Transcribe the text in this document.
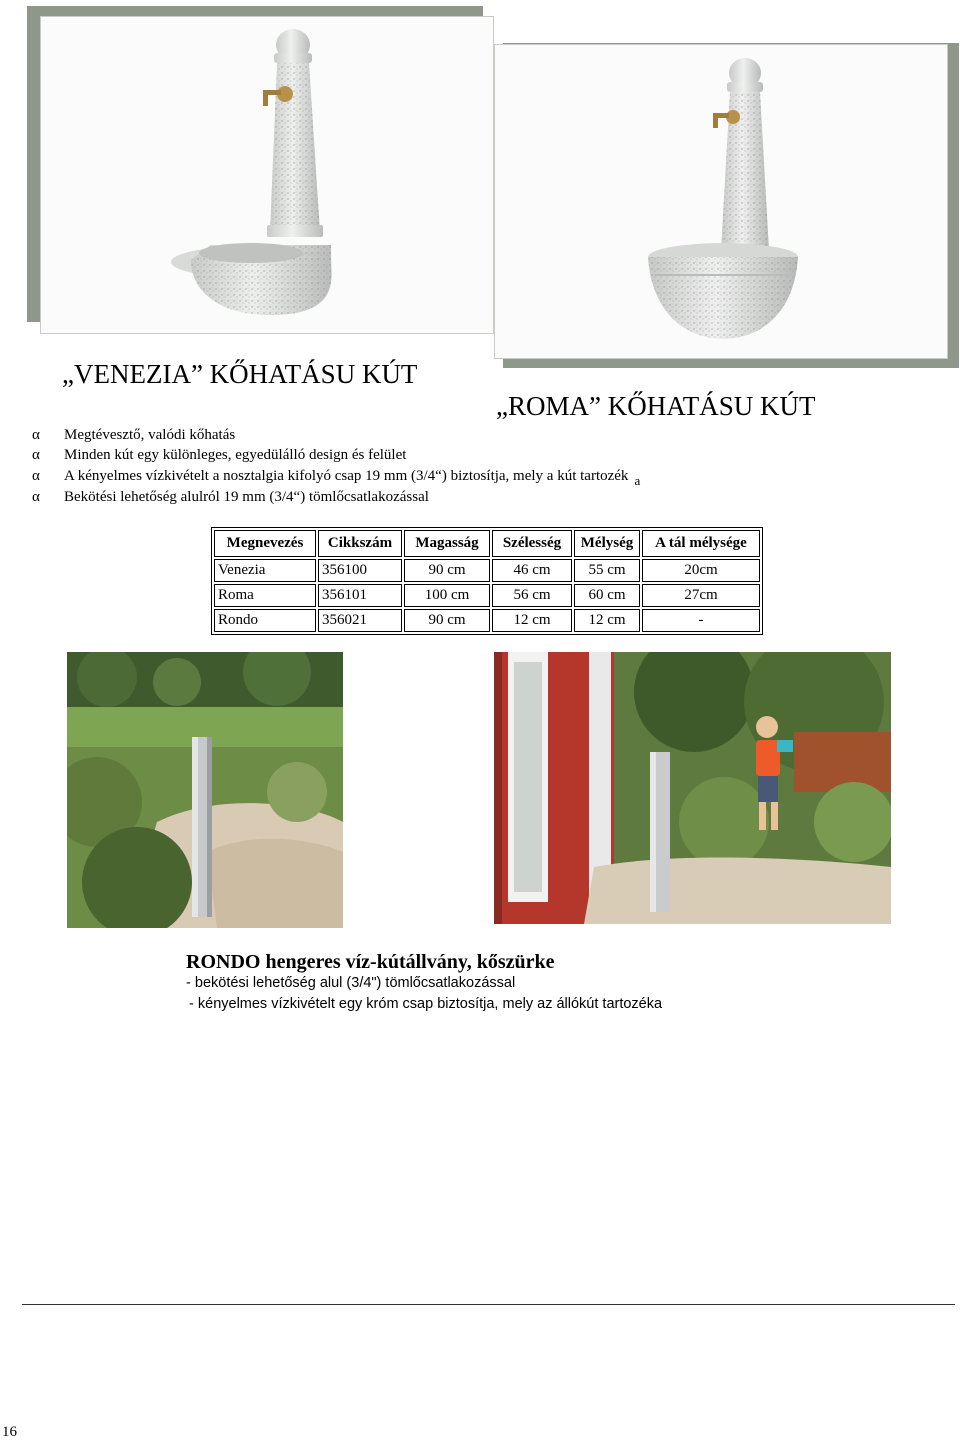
„VENEZIA” KŐHATÁSU KÚT
„ROMA” KŐHATÁSU KÚT
α Megtévesztő, valódi kőhatás
α Minden kút egy különleges, egyedülálló design és felület
α A kényelmes vízkivételt a nosztalgia kifolyó csap 19 mm (3/4“) biztosítja, mely a kút tartozék a
α Bekötési lehetőség alulról 19 mm (3/4“) tömlőcsatlakozással
Megnevezés	Cikkszám	Magasság	Szélesség	Mélység	A tál mélysége
Venezia	356100	90 cm	46 cm	55 cm	20cm
Roma	356101	100 cm	56 cm	60 cm	27cm
Rondo	356021	90 cm	12 cm	12 cm	-
RONDO hengeres víz-kútállvány, kőszürke
- bekötési lehetőség alul (3/4") tömlőcsatlakozással
- kényelmes vízkivételt egy króm csap biztosítja, mely az állókút tartozéka
16
